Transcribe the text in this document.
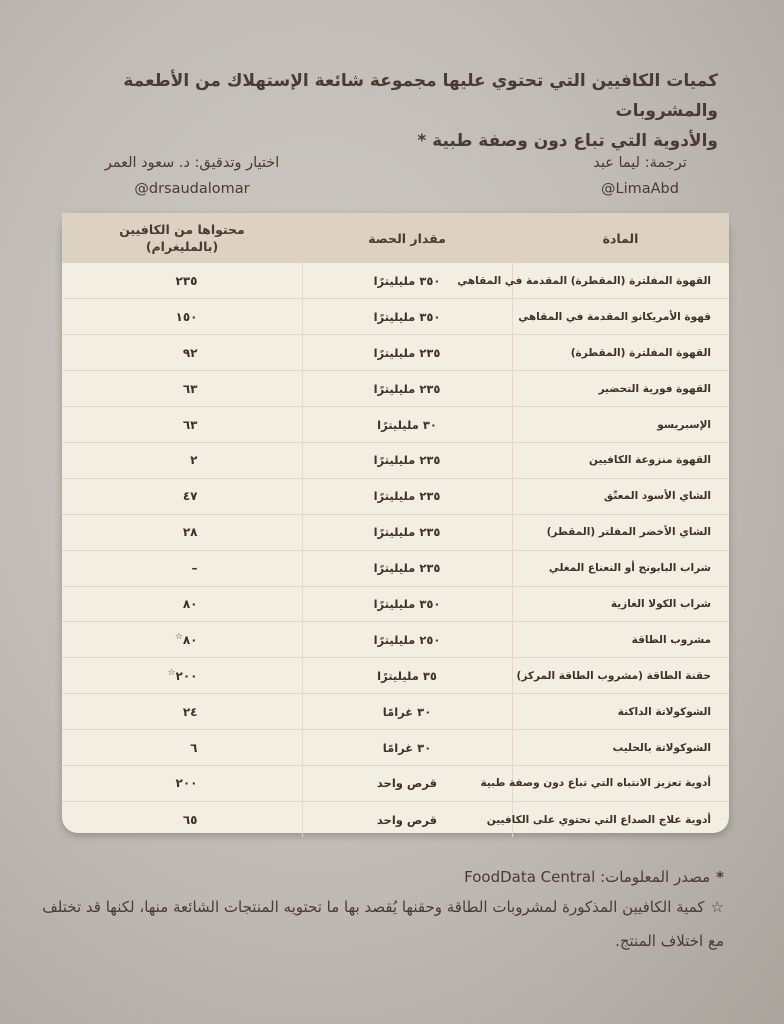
كميات الكافيين التي تحتوي عليها مجموعة شائعة الإستهلاك من الأطعمة والمشروبات
والأدوية التي تباع دون وصفة طبية *
ترجمة: ليما عبد
@LimaAbd
اختيار وتدقيق: د. سعود العمر
@drsaudalomar
المادة	مقدار الحصة	محتواها من الكافيين
(بالمليغرام)

القهوة المفلترة (المقطرة) المقدمة في المقاهي	٣٥٠ مليليترًا	٢٣٥
قهوة الأمريكانو المقدمة في المقاهي	٣٥٠ مليليترًا	١٥٠
القهوة المفلترة (المقطرة)	٢٣٥ مليليترًا	٩٢
القهوة فورية التحضير	٢٣٥ مليليترًا	٦٣
الإسبريسو	٣٠ مليليترًا	٦٣
القهوة منزوعة الكافيين	٢٣٥ مليليترًا	٢
الشاي الأسود المعتّق	٢٣٥ مليليترًا	٤٧
الشاي الأخضر المفلتر (المقطر)	٢٣٥ مليليترًا	٢٨
شراب البابونج أو النعناع المغلي	٢٣٥ مليليترًا	–
شراب الكولا الغازية	٣٥٠ مليليترًا	٨٠
مشروب الطاقة	٢٥٠ مليليترًا	٨٠☆
حقنة الطاقة (مشروب الطاقة المركز)	٣٥ مليليترًا	٢٠٠☆
الشوكولاتة الداكنة	٣٠ غرامًا	٢٤
الشوكولاتة بالحليب	٣٠ غرامًا	٦
أدوية تعزيز الانتباه التي تباع دون وصفة طبية	قرص واحد	٢٠٠
أدوية علاج الصداع التي تحتوي على الكافيين	قرص واحد	٦٥
*مصدر المعلومات: FoodData Central
☆كمية الكافيين المذكورة لمشروبات الطاقة وحقنها يُقصد بها ما تحتويه المنتجات الشائعة منها، لكنها قد تختلف مع اختلاف المنتج.
